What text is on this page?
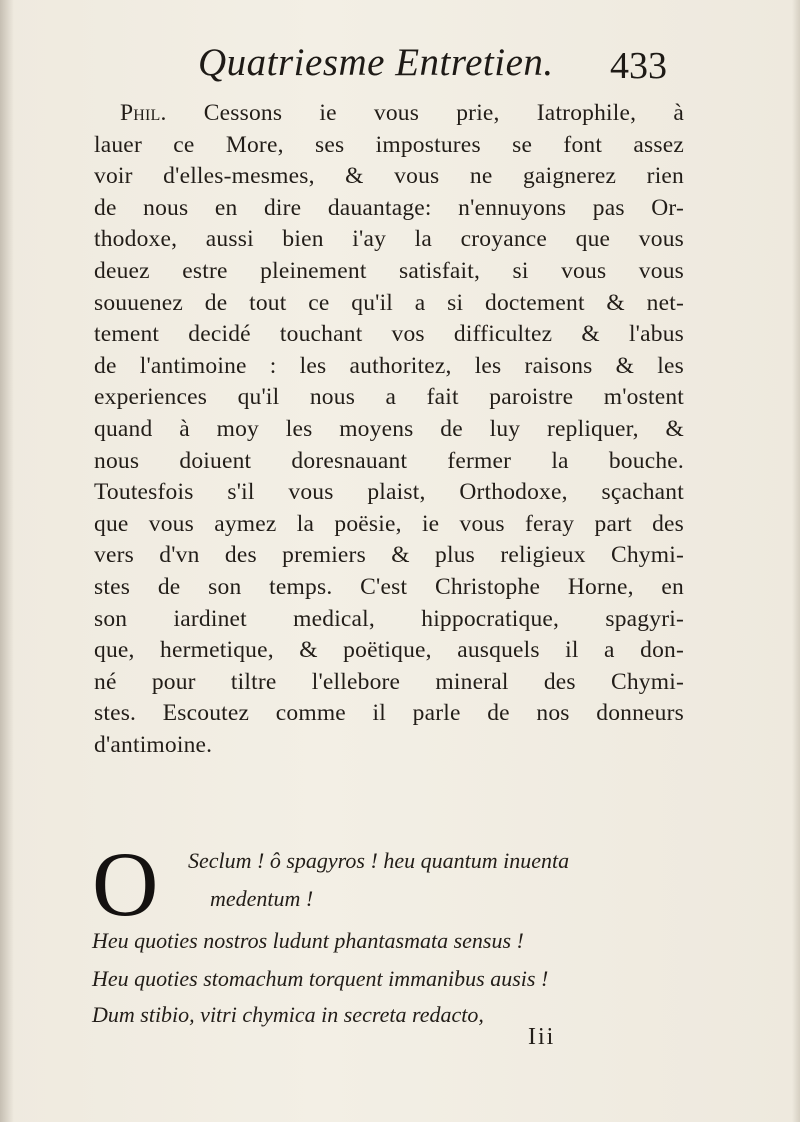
Quatriesme Entretien. 433
Phil. Cessons ie vous prie, Iatrophile, à
lauer ce More, ses impostures se font assez
voir d'elles-mesmes, & vous ne gaignerez rien
de nous en dire dauantage: n'ennuyons pas Or-
thodoxe, aussi bien i'ay la croyance que vous
deuez estre pleinement satisfait, si vous vous
souuenez de tout ce qu'il a si doctement & net-
tement decidé touchant vos difficultez & l'abus
de l'antimoine : les authoritez, les raisons & les
experiences qu'il nous a fait paroistre m'ostent
quand à moy les moyens de luy repliquer, &
nous doiuent doresnauant fermer la bouche.
Toutesfois s'il vous plaist, Orthodoxe, sçachant
que vous aymez la poësie, ie vous feray part des
vers d'vn des premiers & plus religieux Chymi-
stes de son temps. C'est Christophe Horne, en
son iardinet medical, hippocratique, spagyri-
que, hermetique, & poëtique, ausquels il a don-
né pour tiltre l'ellebore mineral des Chymi-
stes. Escoutez comme il parle de nos donneurs
d'antimoine.
O Seclum ! ô spagyros ! heu quantum inuenta
medentum !
Heu quoties nostros ludunt phantasmata sensus !
Heu quoties stomachum torquent immanibus ausis !
Dum stibio, vitri chymica in secreta redacto,
Iii
